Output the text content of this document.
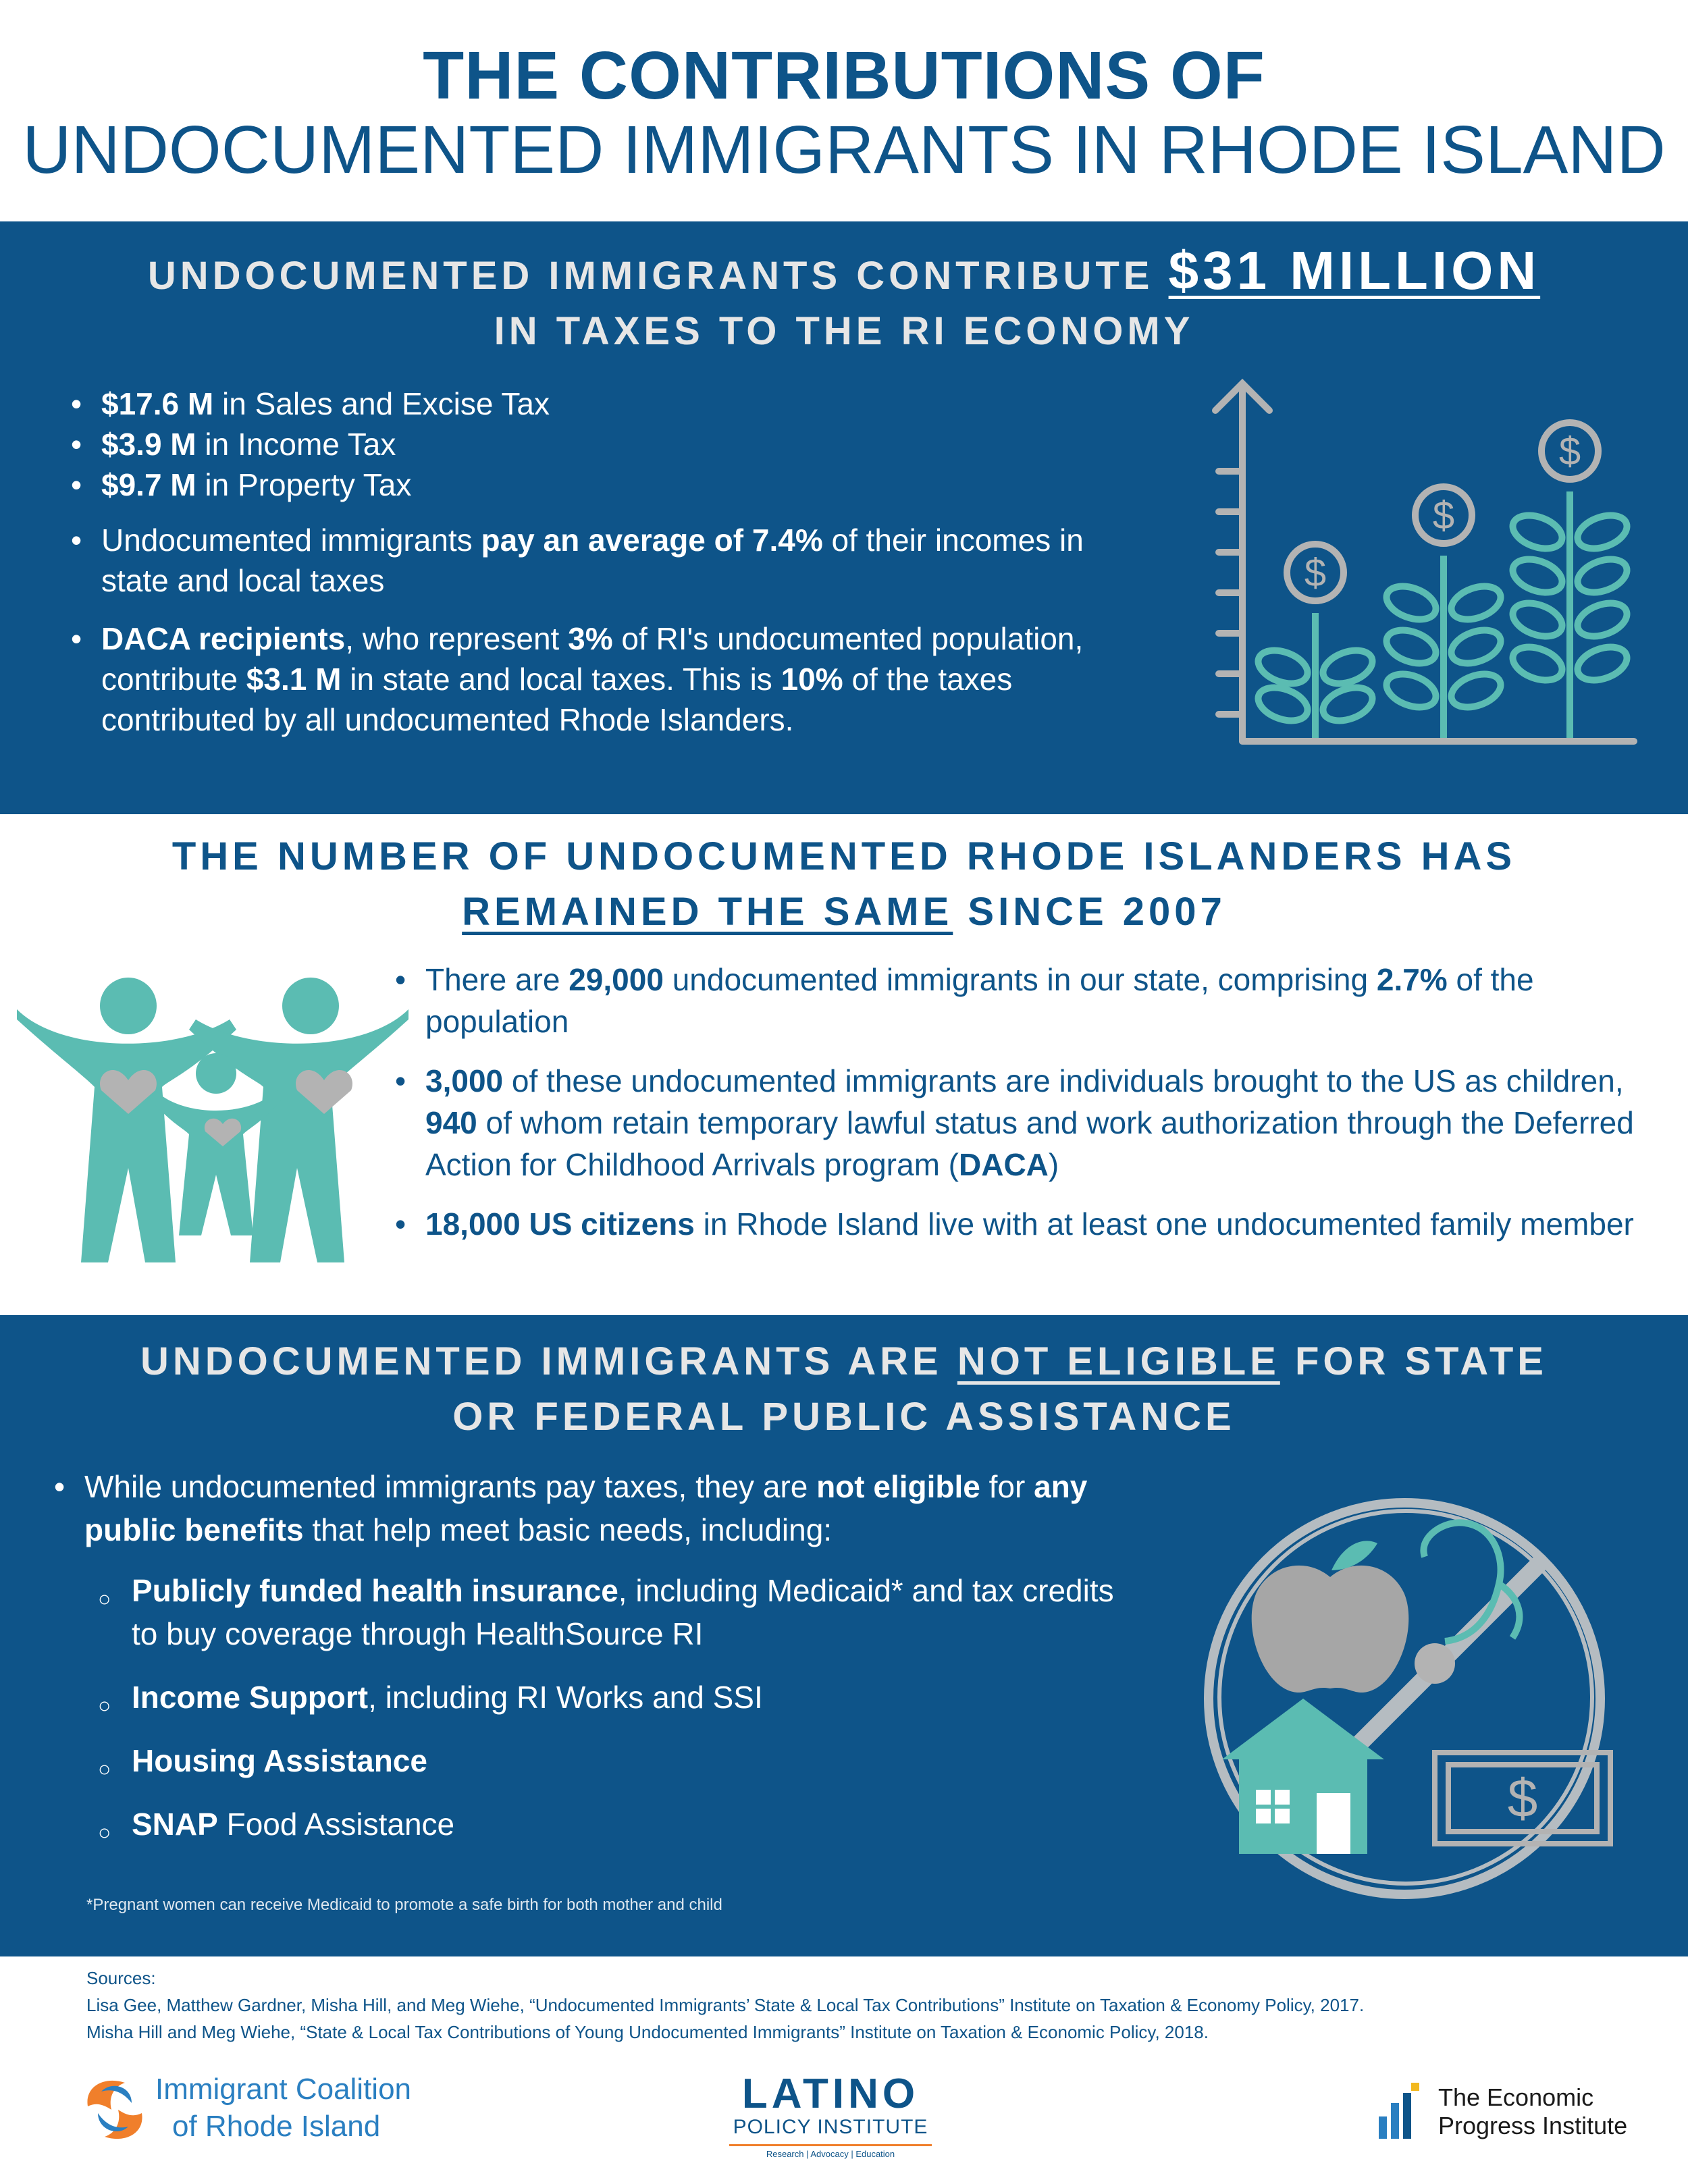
THE CONTRIBUTIONS OF
UNDOCUMENTED IMMIGRANTS IN RHODE ISLAND
UNDOCUMENTED IMMIGRANTS CONTRIBUTE $31 MILLION
IN TAXES TO THE RI ECONOMY
• $17.6 M in Sales and Excise Tax
• $3.9 M in Income Tax
• $9.7 M in Property Tax
• Undocumented immigrants pay an average of 7.4% of their incomes in state and local taxes
• DACA recipients, who represent 3% of RI's undocumented population, contribute $3.1 M in state and local taxes. This is 10% of the taxes contributed by all undocumented Rhode Islanders.
$
$
$
THE NUMBER OF UNDOCUMENTED RHODE ISLANDERS HAS
REMAINED THE SAME SINCE 2007
• There are 29,000 undocumented immigrants in our state, comprising 2.7% of the population
• 3,000 of these undocumented immigrants are individuals brought to the US as children, 940 of whom retain temporary lawful status and work authorization through the Deferred Action for Childhood Arrivals program (DACA)
• 18,000 US citizens in Rhode Island live with at least one undocumented family member
UNDOCUMENTED IMMIGRANTS ARE NOT ELIGIBLE FOR STATE
OR FEDERAL PUBLIC ASSISTANCE
• While undocumented immigrants pay taxes, they are not eligible for any public benefits that help meet basic needs, including:
○ Publicly funded health insurance, including Medicaid* and tax credits to buy coverage through HealthSource RI
○ Income Support, including RI Works and SSI
○ Housing Assistance
○ SNAP Food Assistance
*Pregnant women can receive Medicaid to promote a safe birth for both mother and child
$
Sources:
Lisa Gee, Matthew Gardner, Misha Hill, and Meg Wiehe, “Undocumented Immigrants’ State & Local Tax Contributions” Institute on Taxation & Economy Policy, 2017.
Misha Hill and Meg Wiehe, “State & Local Tax Contributions of Young Undocumented Immigrants” Institute on Taxation & Economic Policy, 2018.
Immigrant Coalition
of Rhode Island
LATINO
POLICY INSTITUTE
Research | Advocacy | Education
The Economic
Progress Institute
